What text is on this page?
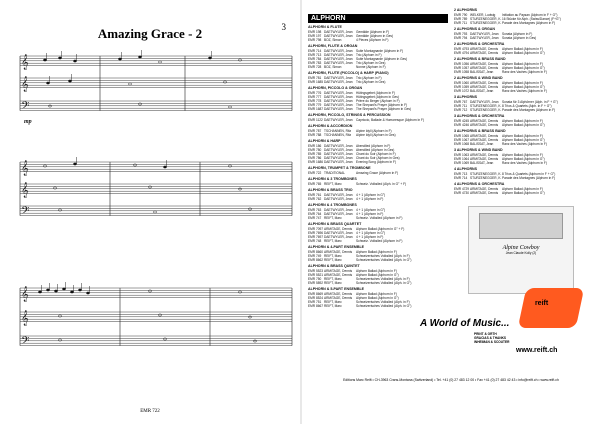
3
Amazing Grace - 2
𝄞
𝄞
𝄢
𝄞
𝄞
𝄢
𝄞
𝄞
𝄢
mp
EMR 722
ALPHORN
ALPHORN & FLUTE
EMR 198 DAETWYLER, Jean	Gemälde (Alphorn in F)
EMR 197 DAETWYLER, Jean	Gemälde (Alphorn in Ges)
EMR 798 BOZ, Simon	4 Pieces (Alphorn in F)
ALPHORN, FLUTE & ORGAN
EMR 714 DAETWYLER, Jean	Suite Montagnarde (Alphorn in F)
EMR 713 DAETWYLER, Jean	Trio (Alphorn in F)
EMR 784 DAETWYLER, Jean	Suite Montagnarde (Alphorn in Ges)
EMR 783 DAETWYLER, Jean	Trio (Alphorn in Ges)
EMR 728 BOZ, Simon	Nonne (Alphorn in F)
ALPHORN, FLUTE (PICCOLO) & HARP (PIANO)
EMR 781 DAETWYLER, Jean	Trio (Alphorn in F)
EMR 1685 DAETWYLER, Jean	Trio (Alphorn in Ges)
ALPHORN, PICCOLO & ORGAN
EMR 776 DAETWYLER, Jean	Hütingsgebet (Alphorn in F)
EMR 777 DAETWYLER, Jean	Hütingsgebet (Alphorn in Ges)
EMR 778 DAETWYLER, Jean	Prière du Berger (Alphorn in F)
EMR 779 DAETWYLER, Jean	The Shepard's Prayer (Alphorn in F)
EMR 1687 DAETWYLER, Jean	The Shepard's Prayer (Alphorn in Ges)
ALPHORN, PICCOLO, STRINGS & PERCUSSION
EMR 1122 DAETWYLER, Jean	Capriccio, Ballade & Humoresque (Alphorn in F)
ALPHORN & ACCORDION
EMR 787 TSCHANNEN, Ritz	Alpine Idyll (Alphorn in F)
EMR 788 TSCHANNEN, Ritz	Alpine Idyll (Alphorn in Ges)
ALPHORN & HARP
EMR 186 DAETWYLER, Jean	Abendlied (Alphorn in F)
EMR 780 DAETWYLER, Jean	Abendlied (Alphorn in Ges)
EMR 785 DAETWYLER, Jean	Chant du Soir (Alphorn in F)
EMR 786 DAETWYLER, Jean	Chant du Soir (Alphorn in Ges)
EMR 1686 DAETWYLER, Jean	Evening Song (Alphorn in F)
ALPHORN, TRUMPET & TROMBONE
EMR 722 TRADITIONAL	Amazing Grace (Alphorn in F)
ALPHORN & 3 TROMBONES
EMR 765 REIFT, Marc	Schweiz. Volkslied (Alph. in G° + F)
ALPHORN & BRASS TRIO
EMR 761 DAETWYLER, Jean	4 + 1 (Alphorn in G°)
EMR 762 DAETWYLER, Jean	4 + 1 (Alphorn in F)
ALPHORN & 4 TROMBONES
EMR 763 DAETWYLER, Jean	4 + 1 (Alphorn in G°)
EMR 764 DAETWYLER, Jean	4 + 1 (Alphorn in F)
EMR 747 REIFT, Marc	Schweiz. Volkslied (Alphorn in F)
ALPHORN & BRASS QUARTET
EMR 7097 ARMITAGE, Dennis	Alphorn Ballad (Alphorn in G° + F)
EMR 7696 DAETWYLER, Jean	4 + 1 (Alphorn in G°)
EMR 7697 DAETWYLER, Jean	4 + 1 (Alphorn in F)
EMR 748 REIFT, Marc	Schweiz. Volkslied (Alphorn in F)
ALPHORN & 4-PART ENSEMBLE
EMR 8660 ARMITAGE, Dennis	Alphorn Ballad (Alphorn in F)
EMR 749 REIFT, Marc	Schweizerisches Volkslied (Alph. in F)
EMR 8662 REIFT, Marc	Schweizerisches Volkslied (Alph. in G°)
ALPHORN & BRASS QUINTET
EMR 5523 ARMITAGE, Dennis	Alphorn Ballad (Alphorn in F)
EMR 5521 ARMITAGE, Dennis	Alphorn Ballad (Alphorn in G°)
EMR 750 REIFT, Marc	Schweizerisches Volkslied (Alph. in F)
EMR 5892 REIFT, Marc	Schweizerisches Volkslied (Alph. in G°)
ALPHORN & 5-PART ENSEMBLE
EMR 8669 ARMITAGE, Dennis	Alphorn Ballad (Alphorn in F)
EMR 8524 ARMITAGE, Dennis	Alphorn Ballad (Alphorn in G°)
EMR 751 REIFT, Marc	Schweizerisches Volkslied (Alph. in F)
EMR 8667 REIFT, Marc	Schweizerisches Volkslied (Alph. in G°)
2 ALPHORNS
EMR 790 WELKER, Ludwig	Initiation au Paysan (Alphorn in F + G°)
EMR 789 STURZENEGGER, K. 16 Stücke für Alph. (Swiss/Dance) (F+G°)
EMR 711 STURZENEGGER, K. Parade des Montagnes (Alphorn in F)
2 ALPHORNS & ORGAN
EMR 793 DAETWYLER, Jean	Sonata (Alphorn in F)
EMR 794 DAETWYLER, Jean	Sonata (Alphorn in Ges)
2 ALPHORNS & ORCHESTRA
EMR 4793 ARMITAGE, Dennis	Alphorn Ballad (Alphorn in F)
EMR 4794 ARMITAGE, Dennis	Alphorn Ballad (Alphorn in G°)
2 ALPHORNS & BRASS BAND
EMR 1056 ARMITAGE, Dennis	Alphorn Ballad (Alphorn in F)
EMR 1057 ARMITAGE, Dennis	Alphorn Ballad (Alphorn in G°)
EMR 1058 BALISSAT, Jean	Ranz des Vaches (Alphorn in F)
2 ALPHORNS & WIND BAND
EMR 1060 ARMITAGE, Dennis	Alphorn Ballad (Alphorn in F)
EMR 1059 ARMITAGE, Dennis	Alphorn Ballad (Alphorn in G°)
EMR 1072 BALISSAT, Jean	Ranz des Vaches (Alphorn in F)
3 ALPHORNS
EMR 767 DAETWYLER, Jean	Sonata für 3 Alphörner (Alph. in F + G°)
EMR 711 STURZENEGGER, K. 8 Trios & Quartets (Alph. in F + G°)
EMR 712 STURZENEGGER, K. Parade des Montagnes (Alphorn in F)
3 ALPHORNS & ORCHESTRA
EMR 4245 ARMITAGE, Dennis	Alphorn Ballad (Alphorn in F)
EMR 4246 ARMITAGE, Dennis	Alphorn Ballad (Alphorn in G°)
3 ALPHORNS & BRASS BAND
EMR 1065 ARMITAGE, Dennis	Alphorn Ballad (Alphorn in F)
EMR 1067 ARMITAGE, Dennis	Alphorn Ballad (Alphorn in G°)
EMR 1068 BALISSAT, Jean	Ranz des Vaches (Alphorn in F)
3 ALPHORNS & WIND BAND
EMR 1063 ARMITAGE, Dennis	Alphorn Ballad (Alphorn in F)
EMR 1064 ARMITAGE, Dennis	Alphorn Ballad (Alphorn in G°)
EMR 1069 BALISSAT, Jean	Ranz des Vaches (Alphorn in F)
4 ALPHORNS
EMR 713 STURZENEGGER, K. 8 Trios & Quartets (Alphorn in F + G°)
EMR 714 STURZENEGGER, K. Parade des Montagnes (Alphorn in F)
4 ALPHORNS & ORCHESTRA
EMR 4729 ARMITAGE, Dennis	Alphorn Ballad (Alphorn in F)
EMR 4730 ARMITAGE, Dennis	Alphorn Ballad (Alphorn in G°)
Alpine Cowboy
Jean Claude Kolly (2)
reift
A World of Music...
PRINT & ORTH
GRACIAS & THANKS
INHEIMAN & SCOUTER
www.reift.ch
Editions Marc Reift • CH-3963 Crans-Montana (Switzerland) • Tel. +41 (0) 27 483 12 00 • Fax +41 (0) 27 483 42 43 • info@reift.ch • www.reift.ch
